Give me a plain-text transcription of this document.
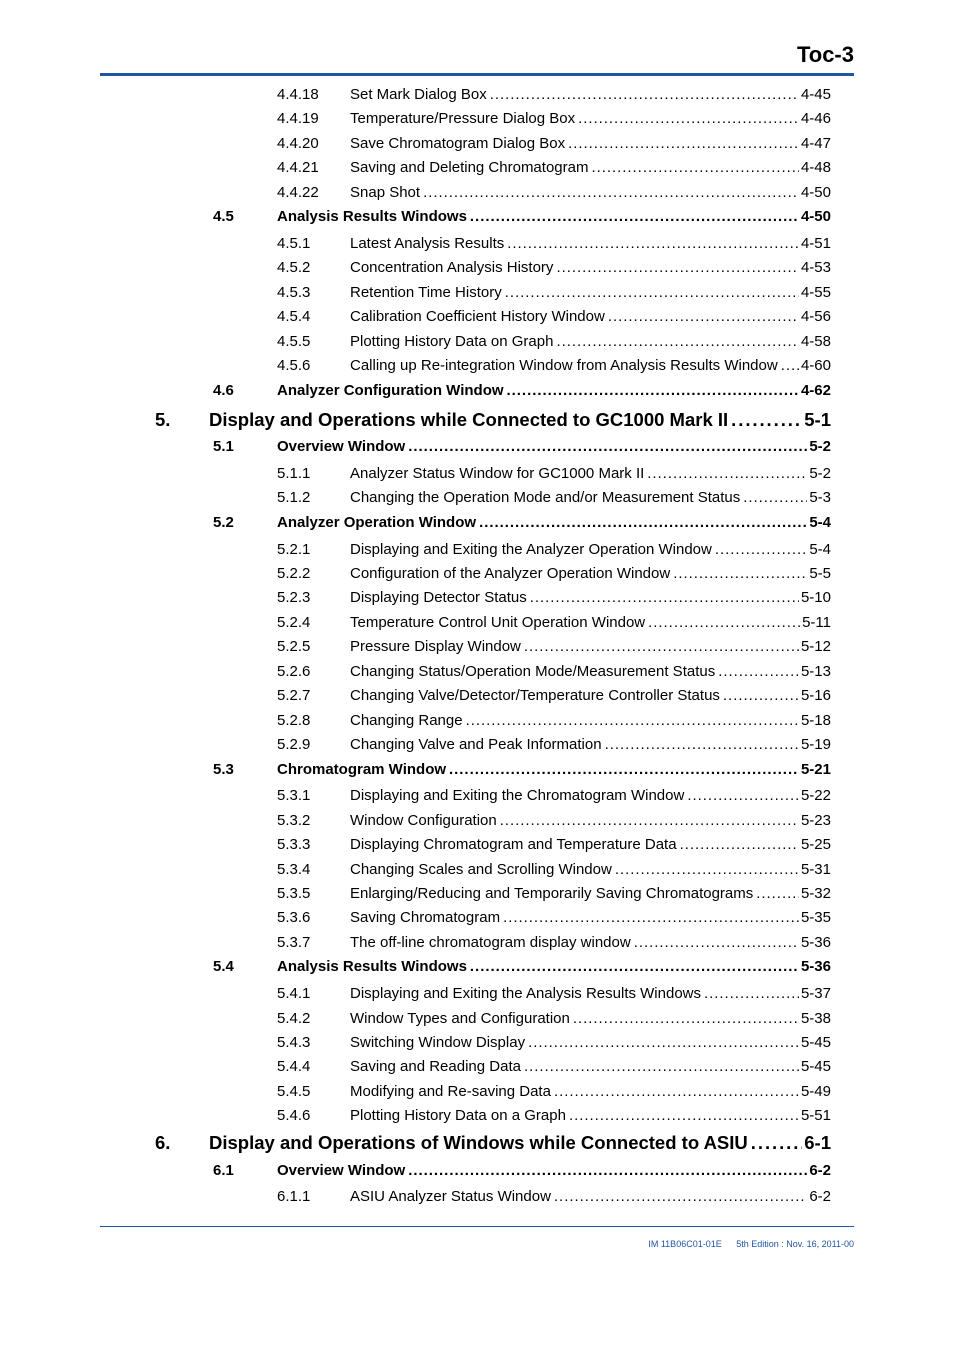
Toc-3
4.4.18	Set Mark Dialog Box . . .	4-45
4.4.19	Temperature/Pressure Dialog Box . . .	4-46
4.4.20	Save Chromatogram Dialog Box . . .	4-47
4.4.21	Saving and Deleting Chromatogram . . .	4-48
4.4.22	Snap Shot . . .	4-50
4.5	Analysis Results Windows . . .	4-50
4.5.1	Latest Analysis Results . . .	4-51
4.5.2	Concentration Analysis History . . .	4-53
4.5.3	Retention Time History . . .	4-55
4.5.4	Calibration Coefficient History Window . . .	4-56
4.5.5	Plotting History Data on Graph . . .	4-58
4.5.6	Calling up Re-integration Window from Analysis Results Window . . . 4-60
4.6	Analyzer Configuration Window . . .	4-62
5.	Display and Operations while Connected to GC1000 Mark II . . .	5-1
5.1	Overview Window . . .	5-2
5.1.1	Analyzer Status Window for GC1000 Mark II . . .	5-2
5.1.2	Changing the Operation Mode and/or Measurement Status . . .	5-3
5.2	Analyzer Operation Window . . .	5-4
5.2.1	Displaying and Exiting the Analyzer Operation Window . . .	5-4
5.2.2	Configuration of the Analyzer Operation Window . . .	5-5
5.2.3	Displaying Detector Status . . .	5-10
5.2.4	Temperature Control Unit Operation Window . . .	5-11
5.2.5	Pressure Display Window . . .	5-12
5.2.6	Changing Status/Operation Mode/Measurement Status . . .	5-13
5.2.7	Changing Valve/Detector/Temperature Controller Status . . .	5-16
5.2.8	Changing Range . . .	5-18
5.2.9	Changing Valve and Peak Information . . .	5-19
5.3	Chromatogram Window . . .	5-21
5.3.1	Displaying and Exiting the Chromatogram Window . . .	5-22
5.3.2	Window Configuration . . .	5-23
5.3.3	Displaying Chromatogram and Temperature Data . . .	5-25
5.3.4	Changing Scales and Scrolling Window . . .	5-31
5.3.5	Enlarging/Reducing and Temporarily Saving Chromatograms . . .	5-32
5.3.6	Saving Chromatogram . . .	5-35
5.3.7	The off-line chromatogram display window . . .	5-36
5.4	Analysis Results Windows . . .	5-36
5.4.1	Displaying and Exiting the Analysis Results Windows . . .	5-37
5.4.2	Window Types and Configuration . . .	5-38
5.4.3	Switching Window Display . . .	5-45
5.4.4	Saving and Reading Data . . .	5-45
5.4.5	Modifying and Re-saving Data . . .	5-49
5.4.6	Plotting History Data on a Graph . . .	5-51
6.	Display and Operations of Windows while Connected to ASIU . . .	6-1
6.1	Overview Window . . .	6-2
6.1.1	ASIU Analyzer Status Window . . .	6-2
IM 11B06C01-01E 5th Edition : Nov. 16, 2011-00
